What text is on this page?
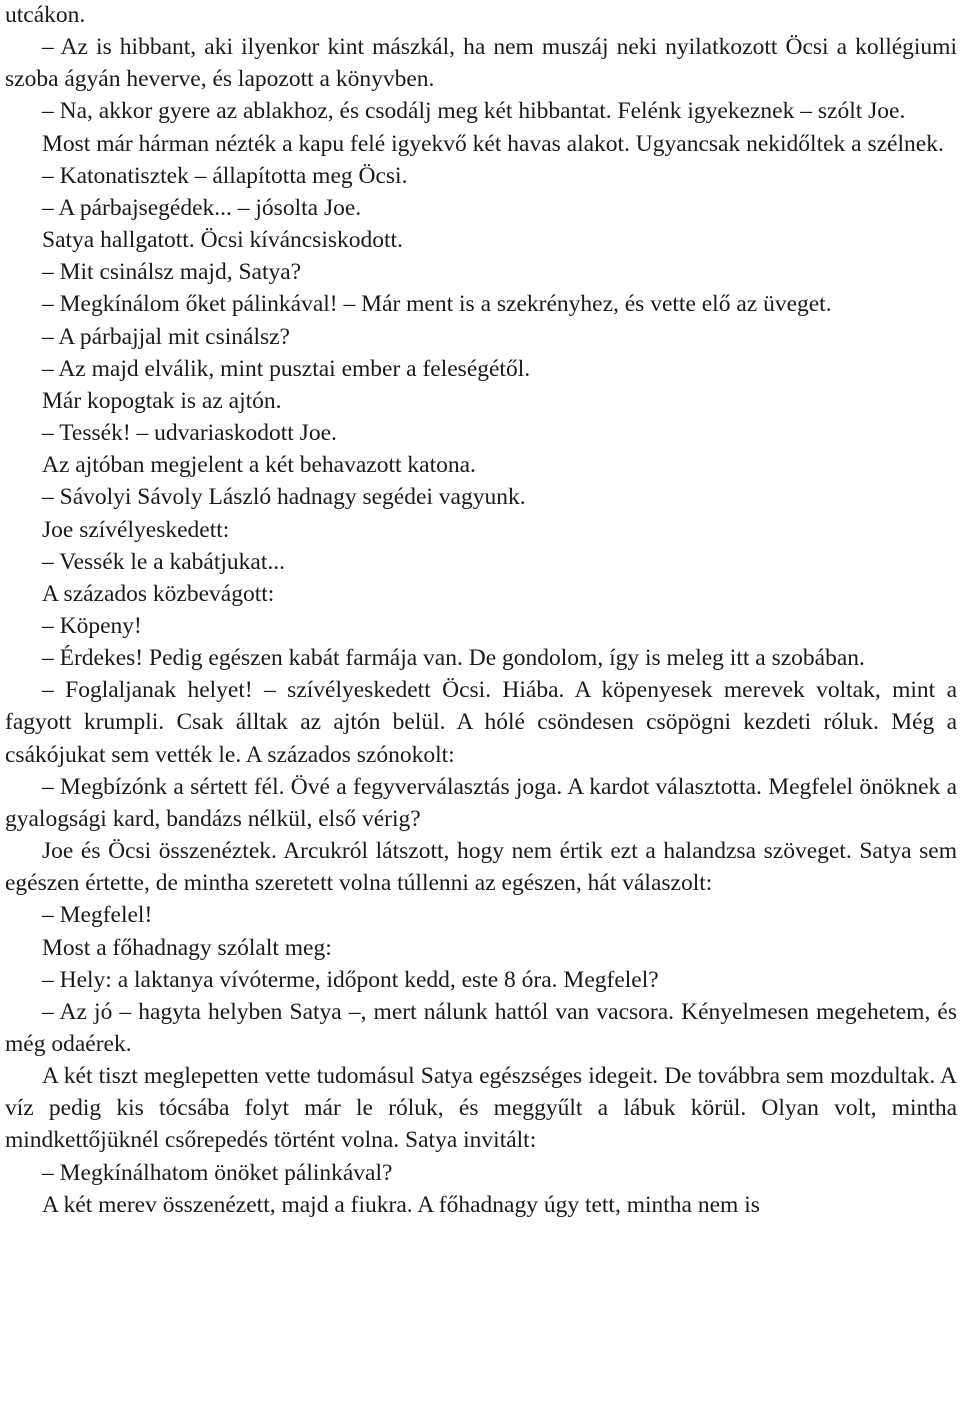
utcákon.

– Az is hibbant, aki ilyenkor kint mászkál, ha nem muszáj neki nyilatkozott Öcsi a kollégiumi szoba ágyán heverve, és lapozott a könyvben.

– Na, akkor gyere az ablakhoz, és csodálj meg két hibbantat. Felénk igyekeznek – szólt Joe.

Most már hárman nézték a kapu felé igyekvő két havas alakot. Ugyancsak nekidőltek a szélnek.

– Katonatisztek – állapította meg Öcsi.

– A párbajsegédek... – jósolta Joe.

Satya hallgatott. Öcsi kíváncsiskodott.

– Mit csinálsz majd, Satya?

– Megkínálom őket pálinkával! – Már ment is a szekrényhez, és vette elő az üveget.

– A párbajjal mit csinálsz?

– Az majd elválik, mint pusztai ember a feleségétől.

Már kopogtak is az ajtón.

– Tessék! – udvariaskodott Joe.

Az ajtóban megjelent a két behavazott katona.

– Sávolyi Sávoly László hadnagy segédei vagyunk.

Joe szívélyeskedett:

– Vessék le a kabátjukat...

A százados közbevágott:

– Köpeny!

– Érdekes! Pedig egészen kabát farmája van. De gondolom, így is meleg itt a szobában.

– Foglaljanak helyet! – szívélyeskedett Öcsi. Hiába. A köpenyesek merevek voltak, mint a fagyott krumpli. Csak álltak az ajtón belül. A hólé csöndesen csöpögni kezdeti róluk. Még a csákójukat sem vették le. A százados szónokolt:

– Megbízónk a sértett fél. Övé a fegyverválasztás joga. A kardot választotta. Megfelel önöknek a gyalogsági kard, bandázs nélkül, első vérig?

Joe és Öcsi összenéztek. Arcukról látszott, hogy nem értik ezt a halandzsa szöveget. Satya sem egészen értette, de mintha szeretett volna túllenni az egészen, hát válaszolt:

– Megfelel!

Most a főhadnagy szólalt meg:

– Hely: a laktanya vívóterme, időpont kedd, este 8 óra. Megfelel?

– Az jó – hagyta helyben Satya –, mert nálunk hattól van vacsora. Kényelmesen megehetem, és még odaérek.

A két tiszt meglepetten vette tudomásul Satya egészséges idegeit. De továbbra sem mozdultak. A víz pedig kis tócsába folyt már le róluk, és meggyűlt a lábuk körül. Olyan volt, mintha mindkettőjüknél csőrepedés történt volna. Satya invitált:

– Megkínálhatom önöket pálinkával?

A két merev összenézett, majd a fiukra. A főhadnagy úgy tett, mintha nem is
